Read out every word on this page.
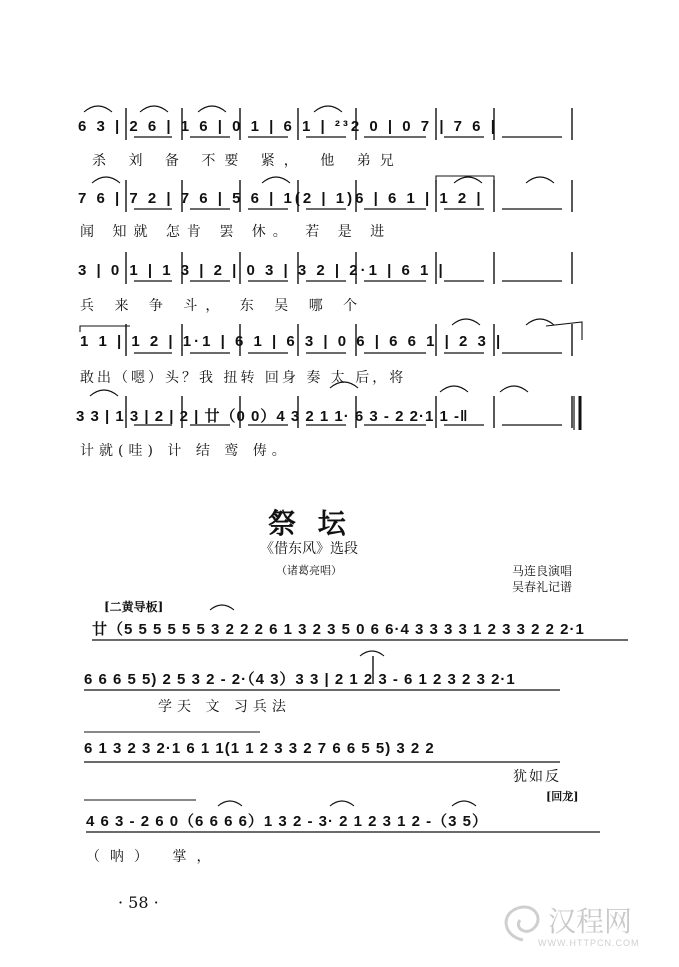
6 3 | 2 6 | 1 6 | 0 1 | 6 1 | ²³2 0 | 0 7 | 7 6 |
杀 刘 备 不要 紧， 他 弟兄
7 6 | 7 2 | 7 6 | 5 6 | 1(2 | 1)6 | 6 1 | 1 2 |
闻 知就 怎肯 罢 休。 若 是 进
3 | 0 1 | 1 3 | 2 | 0 3 | 3 2 | 2·1 | 6 1 |
兵 来 争 斗， 东 吴 哪 个
1 1 | 1 2 | 1·1 | 6 1 | 6 3 | 0 6 | 6 6 1 | 2 3 |
敢出（嗯）头？我 扭转 回身 奏 太 后，将
3 3 | 1 3 | 2 | 2 | 廿（0 0）4 3 2 1 1· 6 3 - 2 2·1 1 -‖
计就(哇) 计 结 鸾 俦。
廿（5 5 5 5 5 5 3 2 2 2 6 1 3 2 3 5 0 6 6·4 3 3 3 3 1 2 3 3 2 2 2·1
6 6 6 5 5) 2 5 3 2 - 2·（4 3）3 3 | 2 1 2 3 - 6 1 2 3 2 3 2·1
学天 文 习兵法
6 1 3 2 3 2·1 6 1 1(1 1 2 3 3 2 7 6 6 5 5) 3 2 2
犹如反
4 6 3 - 2 6 0（6 6 6 6）1 3 2 - 3· 2 1 2 3 1 2 -（3 5）
（呐） 掌，
[回龙]
祭 坛
《借东风》选段
（诸葛亮唱）	马连良演唱
吴春礼记谱
[二黄导板]
· 58 ·
汉程网
WWW.HTTPCN.COM
